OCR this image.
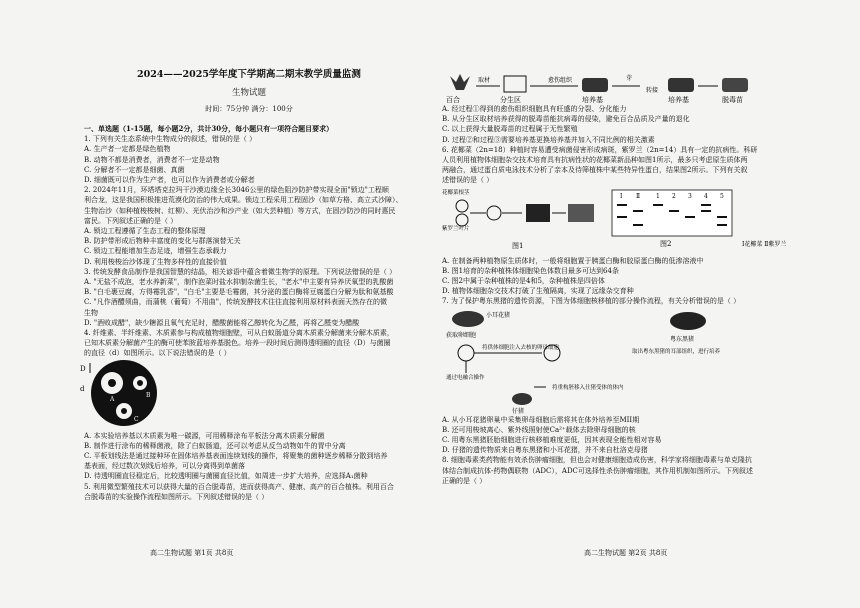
2024——2025学年度下学期高二期末教学质量监测
生物试题
时间：75分钟 满分：100分
一、单选题（1-15题，每小题2分，共计30分，每小题只有一项符合题目要求）

1. 下列有关生态系统中生物成分的叙述，错误的是（ ）

A. 生产者一定都是绿色植物

B. 动物不都是消费者，消费者不一定是动物

C. 分解者不一定都是细菌、真菌

D. 细菌既可以作为生产者，也可以作为消费者或分解者

2. 2024年11月，环塔塔克拉玛干沙漠边缘全长3046公里的绿色阻沙防护带实现全面"锁边"工程顺

利合龙，这是我国积极推进荒漠化防治的伟大成果。锁边工程采用工程固沙（如草方格、高立式沙障）、

生物治沙（如种植梭梭树、红柳）、光伏治沙和沙产业（如大芸种植）等方式，在固沙防沙的同时惠民

富民。下列叙述正确的是（ ）

A. 锁边工程遵循了生态工程的整体原理

B. 防护带形成后物种丰富度的变化与群落演替无关

C. 锁边工程能增加生态足迹，增强生态承载力

D. 利用梭梭治沙体现了生物多样性的直接价值

3. 传统发酵食品制作是我国智慧的结晶，相关谚语中蕴含着微生物学的原理。下列说法错误的是（ ）

A. "无盐不成泡，老水养新菜"，制作泡菜时盐水抑制杂菌生长，"老水"中主要有异养厌氧型的乳酸菌

B. "白毛裹豆腐，方得霉乳香"，"白毛"主要是毛霉菌，其分泌的蛋白酶将豆腐蛋白分解为肽和氨基酸

C. "凡作酒醴须曲，而蒲桃（葡萄）不用曲"，传统发酵技术往往直接利用原材料表面天然存在的微

生物

D. "酒败成醋"，缺少糖源且氧气充足时，醋酸菌能将乙醇转化为乙醛，再将乙醛变为醋酸

4. 纤维素、半纤维素、木质素参与构成植物细胞壁，可从白蚁肠道分离木质素分解菌来分解木质素，

已知木质素分解菌产生的酶可使苯胺蓝培养基脱色。培养一段时间后测得透明圈的直径（D）与菌圈

的直径（d）如图所示。以下说法错误的是（ ）

D
d
A
B
C

A. 本实验培养基以木质素为唯一碳源，可用稀释涂布平板法分离木质素分解菌

B. 制作进行涂布的稀释菌液，除了白蚁肠道，还可以考虑从反刍动物如牛的胃中分离

C. 平板划线法是通过接种环在固体培养基表面连续划线的操作，将聚集的菌种逐步稀释分散到培养

基表面，经过数次划线后培养，可以分离得到单菌落

D. 待透明圈直径稳定后，比较透明圈与菌圈直径比值，如周进一步扩大培养，应选择A₁菌种

5. 利用微型繁殖技术可以获得大量的百合脱毒苗，进而获得高产、健康、高产的百合植株。利用百合

合脱毒苗的实验操作流程如图所示。下列叙述错误的是（ ）

高二生物试题 第1页 共8页
百合
取材
分生区
愈伤组织
培养基
芽
转接
培养基	脱毒苗

A. 经过程①得到的愈伤组织细胞具有旺盛的分裂、分化能力

B. 从分生区取材培养获得的脱毒苗能抗病毒的侵染，避免百合品质及产量的退化

C. 以上获得大量脱毒苗的过程属于无性繁殖

D. 过程②和过程③需要培养基更换培养基并加入不同比例的相关激素

6. 花椰菜（2n=18）种植时容易遭受病菌侵害形成病斑，紫罗兰（2n=14）具有一定的抗病性。科研

人员利用植物体细胞杂交技术培育具有抗病性状的花椰菜新品种如图1所示，最多只考虑原生质体两

两融合，通过蛋白质电泳技术分析了亲本及待筛植株中某些特异性蛋白，结果图2所示。下列有关叙

述错误的是（ ）

花椰菜根茎
紫罗兰叶片
图1
Ⅰ Ⅱ	1 2 3 4 5
图2	Ⅰ花椰菜 Ⅱ紫罗兰

A. 在制备两种植物原生质体时，一般将细胞置于胰蛋白酶和胶原蛋白酶的低渗溶液中

B. 图1培育的杂种植株体细胞染色体数目最多可达到64条

C. 图2中属于杂种植株的是4和5，杂种植株是四倍体

D. 植物体细胞杂交技术打破了生殖隔离，实现了远缘杂交育种

7. 为了保护粤东黑猪的遗传资源，下图为体细胞核移植的部分操作流程，有关分析错误的是（ ）

小耳花猪
获取卵细胞
将供体细胞注入去核的卵母细胞
粤东黑猪
取出粤东黑猪的耳部组织，进行培养
通过电融合操作
将重构胚移入仕猪受体的体内
仔猪

A. 从小耳花猪卵巢中采集卵母细胞后需将其在体外培养至MII期

B. 还可用梭坡离心、紫外线照射使Ca²⁺载体去除卵母细胞的核

C. 用粤东黑猪胚胎细胞进行核移植难度更低，因其表现全能性相对容易

D. 仔猪的遗传物质来自粤东黑猪和小耳花猪，并不来自杜洛克母猪

8. 细胞毒素类药物能有效杀伤肿瘤细胞，但也会对健康细胞造成伤害，科学家将细胞毒素与单克隆抗

体结合制成抗体-药物偶联物（ADC），ADC可选择性杀伤肿瘤细胞，其作用机制如图所示。下列叙述

正确的是（ ）

高二生物试题 第2页 共8页
